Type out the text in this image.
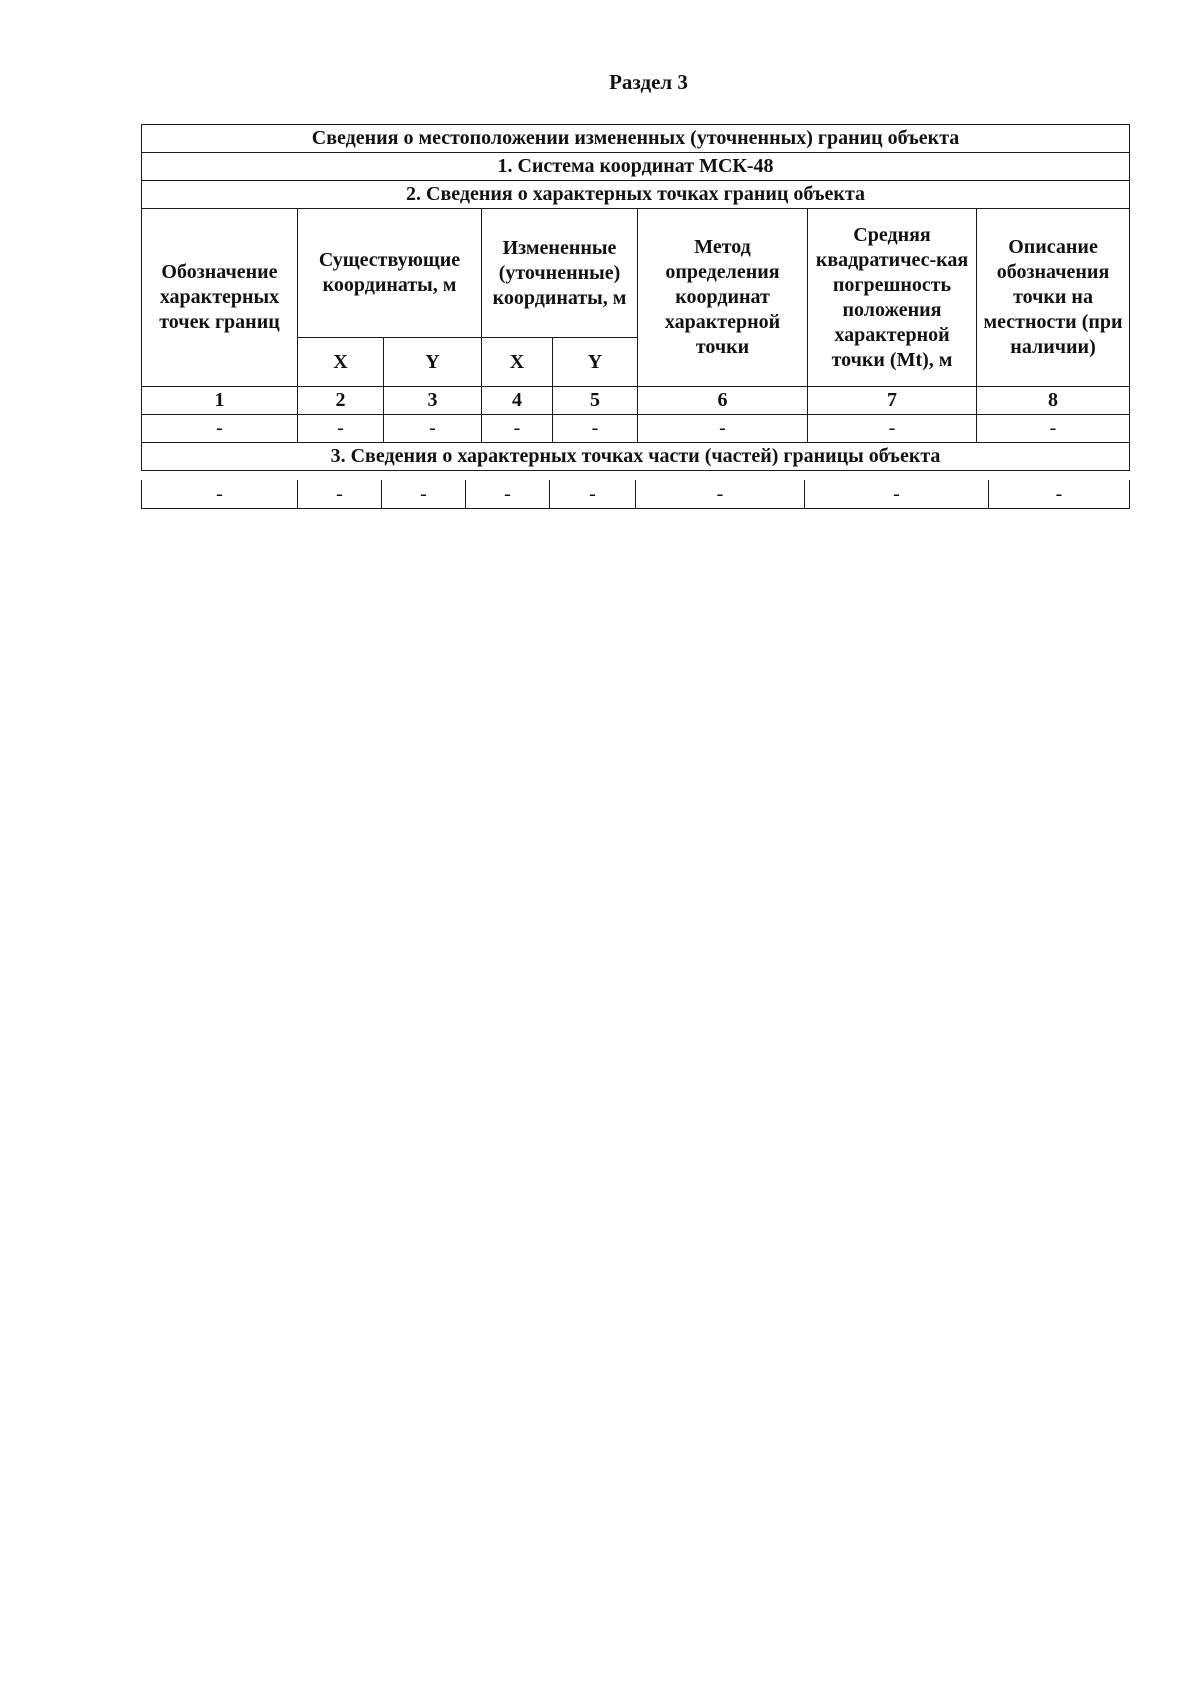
Раздел 3
Сведения о местоположении измененных (уточненных) границ объекта							
1. Система координат МСК-48							
2. Сведения о характерных точках границ объекта							

Обозначение характерных точек границ	Существующие координаты, м		Измененные (уточненные) координаты, м		Метод определения координат характерной точки	Средняя квадратичес-кая погрешность положения характерной точки (Mt), м	Описание обозначения точки на местности (при наличии)

	X	Y	X	Y			
1	2	3	4	5	6	7	8
-	-	-	-	-	-	-	-
3. Сведения о характерных точках части (частей) границы объекта							
-	-	-	-	-	-	-	-
